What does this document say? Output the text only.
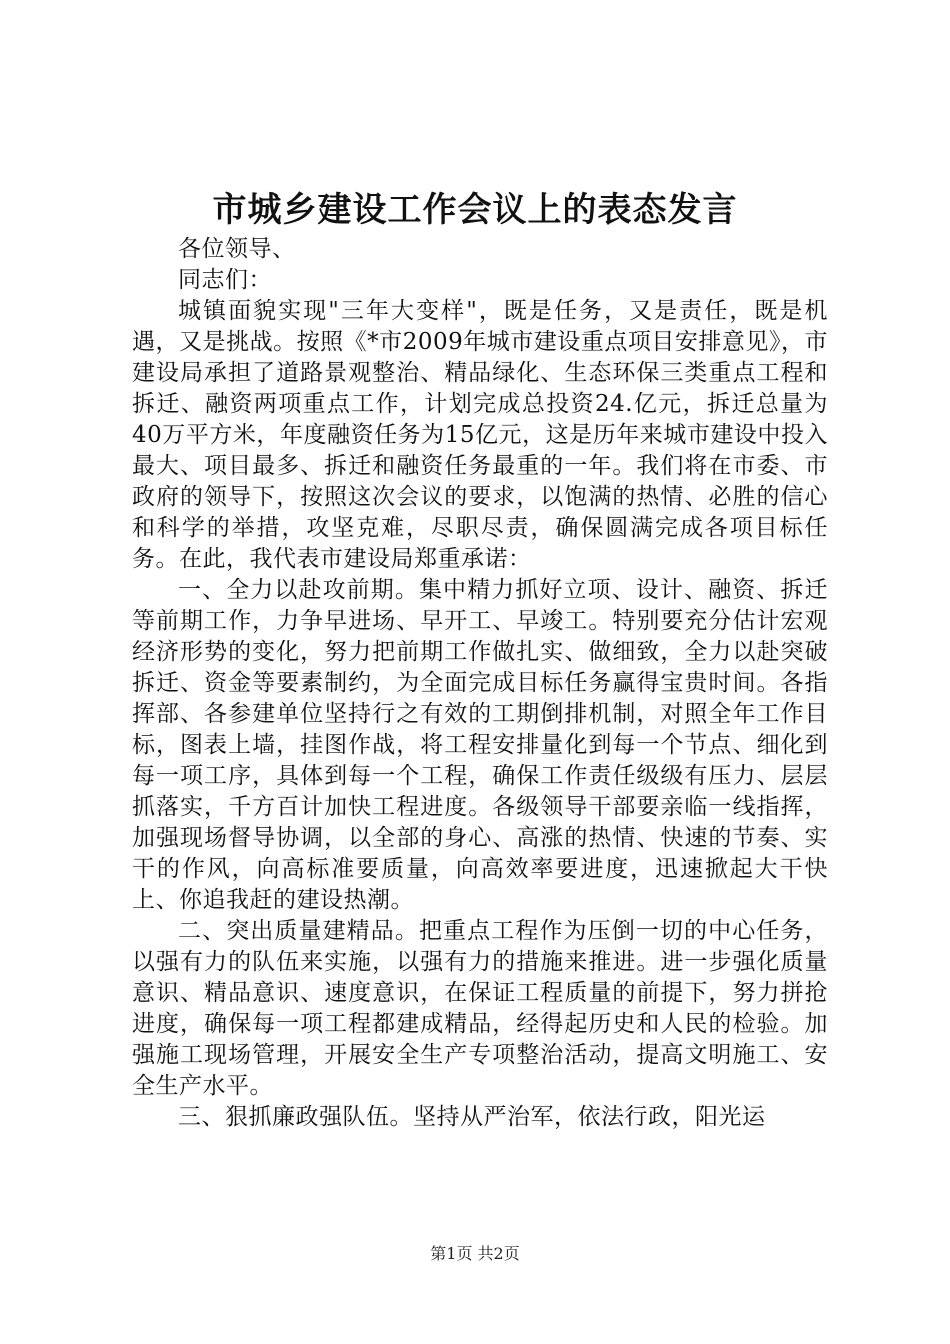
市城乡建设工作会议上的表态发言

各位领导、

同志们：

城镇面貌实现"三年大变样"，既是任务，又是责任，既是机遇，又是挑战。按照《*市2009年城市建设重点项目安排意见》，市建设局承担了道路景观整治、精品绿化、生态环保三类重点工程和拆迁、融资两项重点工作，计划完成总投资24.亿元，拆迁总量为40万平方米，年度融资任务为15亿元，这是历年来城市建设中投入最大、项目最多、拆迁和融资任务最重的一年。我们将在市委、市政府的领导下，按照这次会议的要求，以饱满的热情、必胜的信心和科学的举措，攻坚克难，尽职尽责，确保圆满完成各项目标任务。在此，我代表市建设局郑重承诺：

一、全力以赴攻前期。集中精力抓好立项、设计、融资、拆迁等前期工作，力争早进场、早开工、早竣工。特别要充分估计宏观经济形势的变化，努力把前期工作做扎实、做细致，全力以赴突破拆迁、资金等要素制约，为全面完成目标任务赢得宝贵时间。各指挥部、各参建单位坚持行之有效的工期倒排机制，对照全年工作目标，图表上墙，挂图作战，将工程安排量化到每一个节点、细化到每一项工序，具体到每一个工程，确保工作责任级级有压力、层层抓落实，千方百计加快工程进度。各级领导干部要亲临一线指挥，加强现场督导协调，以全部的身心、高涨的热情、快速的节奏、实干的作风，向高标准要质量，向高效率要进度，迅速掀起大干快上、你追我赶的建设热潮。

二、突出质量建精品。把重点工程作为压倒一切的中心任务，以强有力的队伍来实施，以强有力的措施来推进。进一步强化质量意识、精品意识、速度意识，在保证工程质量的前提下，努力拼抢进度，确保每一项工程都建成精品，经得起历史和人民的检验。加强施工现场管理，开展安全生产专项整治活动，提高文明施工、安全生产水平。

三、狠抓廉政强队伍。坚持从严治军，依法行政，阳光运

第1页 共2页
